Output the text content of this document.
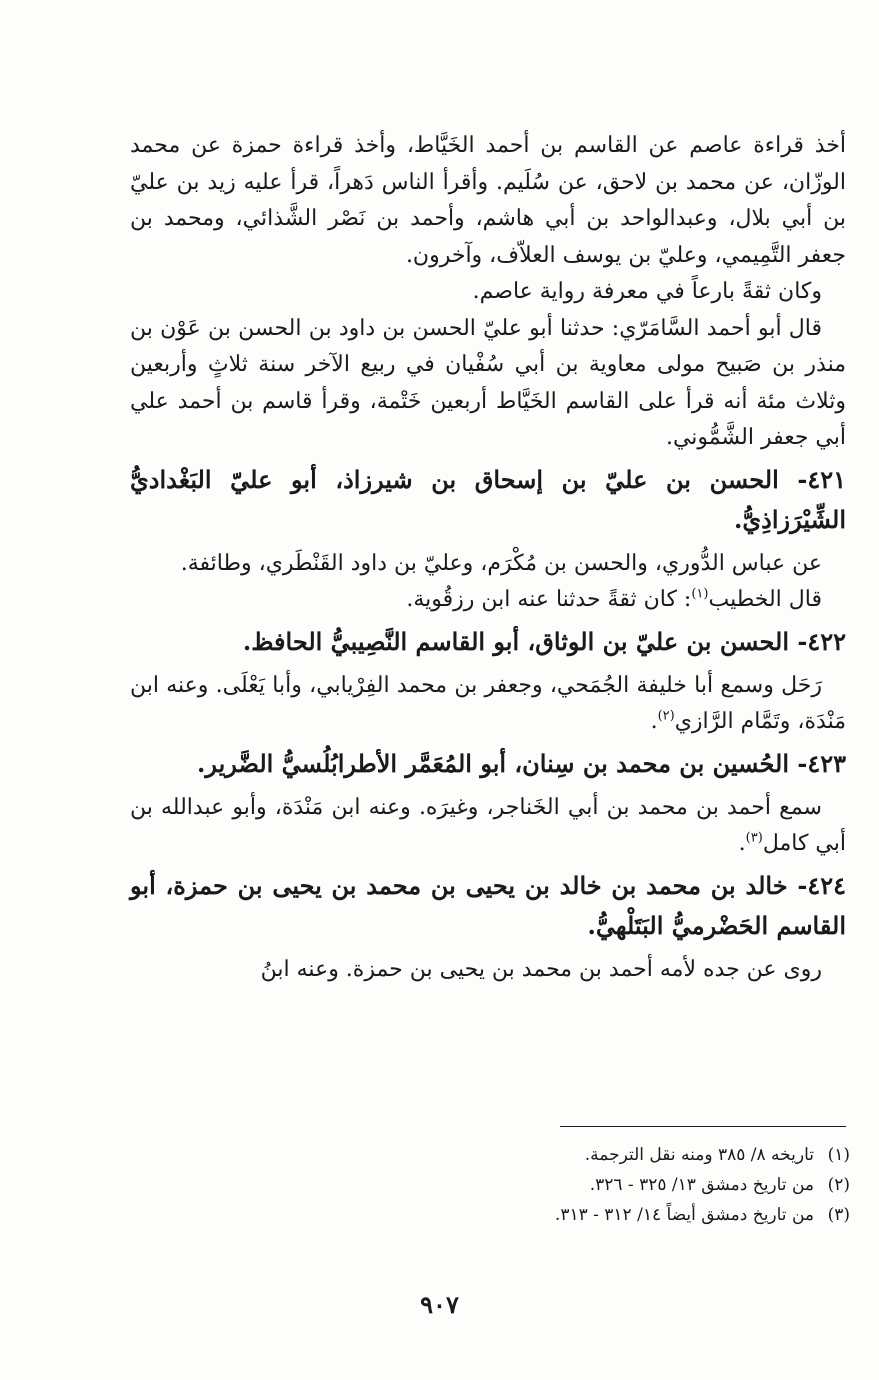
أخذ قراءة عاصم عن القاسم بن أحمد الخَيَّاط، وأخذ قراءة حمزة عن محمد الوزّان، عن محمد بن لاحق، عن سُلَيم. وأقرأ الناس دَهراً، قرأ عليه زيد بن عليّ بن أبي بلال، وعبدالواحد بن أبي هاشم، وأحمد بن نَصْر الشَّذائي، ومحمد بن جعفر التَّمِيمي، وعليّ بن يوسف العلاّف، وآخرون.

وكان ثقةً بارعاً في معرفة رواية عاصم.

قال أبو أحمد السَّامَرّي: حدثنا أبو عليّ الحسن بن داود بن الحسن بن عَوْن بن منذر بن صَبيح مولى معاوية بن أبي سُفْيان في ربيع الآخر سنة ثلاثٍ وأربعين وثلاث مئة أنه قرأ على القاسم الخَيَّاط أربعين خَتْمة، وقرأ قاسم بن أحمد علي أبي جعفر الشَّمُّوني.

٤٢١- الحسن بن عليّ بن إسحاق بن شيرزاذ، أبو عليّ البَغْداديُّ الشِّيْرَزاذِيُّ.

عن عباس الدُّوري، والحسن بن مُكْرَم، وعليّ بن داود القَنْطَري، وطائفة.

قال الخطيب$^{(١)}$: كان ثقةً حدثنا عنه ابن رزقُوية.

٤٢٢- الحسن بن عليّ بن الوثاق، أبو القاسم النَّصِيبيُّ الحافظ.

رَحَل وسمع أبا خليفة الجُمَحي، وجعفر بن محمد الفِرْيابي، وأبا يَعْلَى. وعنه ابن مَنْدَة، وتَمَّام الرَّازي$^{(٢)}$.

٤٢٣- الحُسين بن محمد بن سِنان، أبو المُعَمَّر الأطرابُلُسيُّ الضَّرير.

سمع أحمد بن محمد بن أبي الخَناجر، وغيرَه. وعنه ابن مَنْدَة، وأبو عبدالله بن أبي كامل$^{(٣)}$.

٤٢٤- خالد بن محمد بن خالد بن يحيى بن محمد بن يحيى بن حمزة، أبو القاسم الحَضْرميُّ البَتَلْهيُّ.

روى عن جده لأمه أحمد بن محمد بن يحيى بن حمزة. وعنه ابنُ

(١)تاريخه ٨/ ٣٨٥ ومنه نقل الترجمة.
(٢)من تاريخ دمشق ١٣/ ٣٢٥ - ٣٢٦.
(٣)من تاريخ دمشق أيضاً ١٤/ ٣١٢ - ٣١٣.
٩٠٧
